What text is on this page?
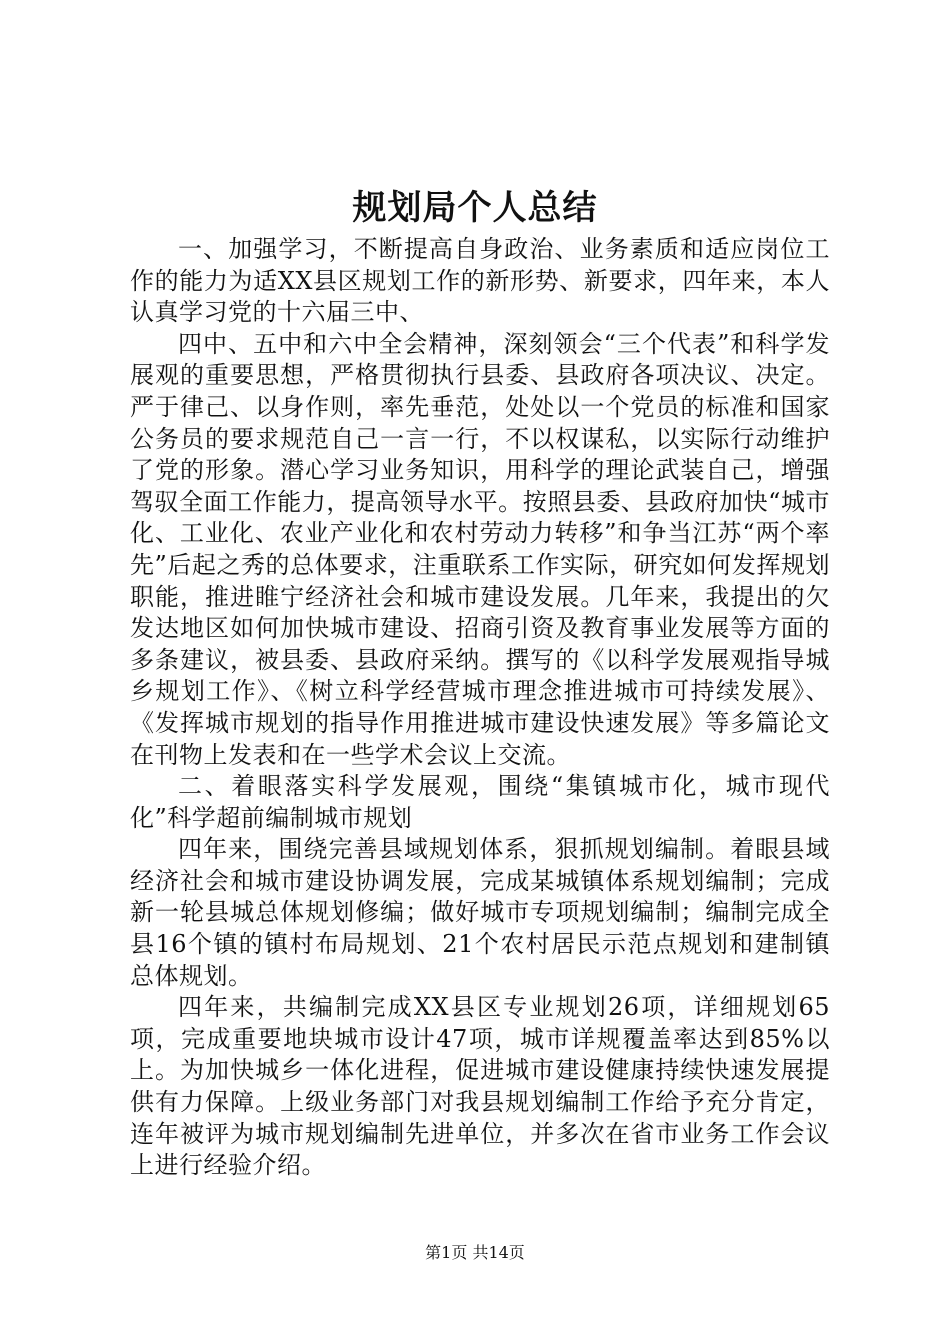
规划局个人总结

一、加强学习，不断提高自身政治、业务素质和适应岗位工作的能力为适XX县区规划工作的新形势、新要求，四年来，本人认真学习党的十六届三中、

四中、五中和六中全会精神，深刻领会“三个代表”和科学发展观的重要思想，严格贯彻执行县委、县政府各项决议、决定。严于律己、以身作则，率先垂范，处处以一个党员的标准和国家公务员的要求规范自己一言一行，不以权谋私，以实际行动维护了党的形象。潜心学习业务知识，用科学的理论武装自己，增强驾驭全面工作能力，提高领导水平。按照县委、县政府加快“城市化、工业化、农业产业化和农村劳动力转移”和争当江苏“两个率先”后起之秀的总体要求，注重联系工作实际，研究如何发挥规划职能，推进睢宁经济社会和城市建设发展。几年来，我提出的欠发达地区如何加快城市建设、招商引资及教育事业发展等方面的多条建议，被县委、县政府采纳。撰写的《以科学发展观指导城乡规划工作》、《树立科学经营城市理念推进城市可持续发展》、《发挥城市规划的指导作用推进城市建设快速发展》等多篇论文在刊物上发表和在一些学术会议上交流。

二、着眼落实科学发展观，围绕“集镇城市化，城市现代化”科学超前编制城市规划

四年来，围绕完善县域规划体系，狠抓规划编制。着眼县域经济社会和城市建设协调发展，完成某城镇体系规划编制；完成新一轮县城总体规划修编；做好城市专项规划编制；编制完成全县16个镇的镇村布局规划、21个农村居民示范点规划和建制镇总体规划。

四年来，共编制完成XX县区专业规划26项，详细规划65项，完成重要地块城市设计47项，城市详规覆盖率达到85%以上。为加快城乡一体化进程，促进城市建设健康持续快速发展提供有力保障。上级业务部门对我县规划编制工作给予充分肯定，连年被评为城市规划编制先进单位，并多次在省市业务工作会议上进行经验介绍。

第1页 共14页
